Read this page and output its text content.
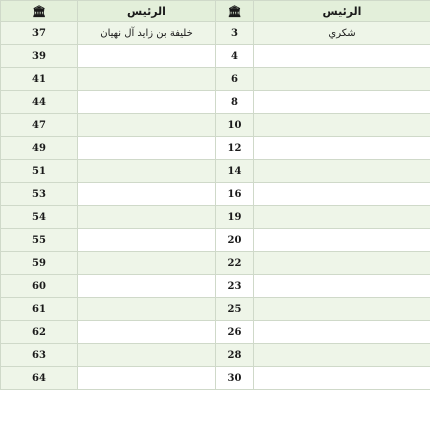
الرئيس	🏛	الرئيس	🏛
شكري	3	خليفة بن زايد آل نهيان	37
	4		39
	6		41
	8		44
	10		47
	12		49
	14		51
	16		53
	19		54
	20		55
	22		59
	23		60
	25		61
	26		62
	28		63
	30		64
